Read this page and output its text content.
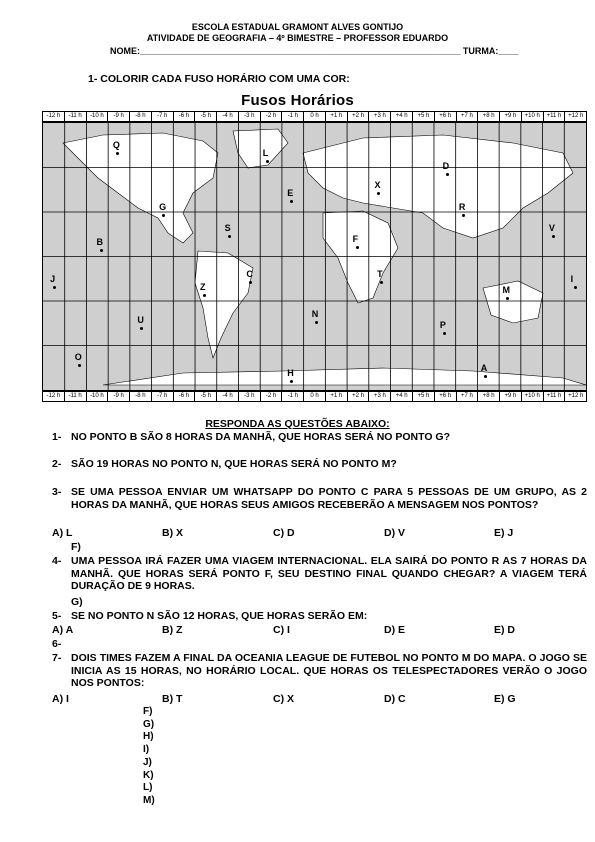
ESCOLA ESTADUAL GRAMONT ALVES GONTIJO
ATIVIDADE DE GEOGRAFIA – 4º BIMESTRE – PROFESSOR EDUARDO
NOME:________________________________________________________________ TURMA:____
1- COLORIR CADA FUSO HORÁRIO COM UMA COR:
Fusos Horários
-12 h	-11 h	-10 h	-9 h	-8 h	-7 h	-6 h	-5 h	-4 h	-3 h	-2 h	-1 h	0 h	+1 h	+2 h	+3 h	+4 h	+5 h	+6 h	+7 h	+8 h	+9 h	+10 h	+11 h	+12 h
-12 h	-11 h	-10 h	-9 h	-8 h	-7 h	-6 h	-5 h	-4 h	-3 h	-2 h	-1 h	0 h	+1 h	+2 h	+3 h	+4 h	+5 h	+6 h	+7 h	+8 h	+9 h	+10 h	+11 h	+12 h
Q
L
D
X
E
G	R
S	V
B	F
J
C	T
I
Z	M
U
N
P
O
A
H
RESPONDA AS QUESTÕES ABAIXO:
1- NO PONTO B SÃO 8 HORAS DA MANHÃ, QUE HORAS SERÁ NO PONTO G?
2- SÃO 19 HORAS NO PONTO N, QUE HORAS SERÁ NO PONTO M?
3- SE UMA PESSOA ENVIAR UM WHATSAPP DO PONTO C PARA 5 PESSOAS DE UM GRUPO, AS 2 HORAS DA MANHÃ, QUE HORAS SEUS AMIGOS RECEBERÃO A MENSAGEM NOS PONTOS?
A) L	B) X	C) D	D) V	E) J
F)
4- UMA PESSOA IRÁ FAZER UMA VIAGEM INTERNACIONAL. ELA SAIRÁ DO PONTO R AS 7 HORAS DA MANHÃ. QUE HORAS SERÁ PONTO F, SEU DESTINO FINAL QUANDO CHEGAR? A VIAGEM TERÁ DURAÇÃO DE 9 HORAS.
G)
5- SE NO PONTO N SÃO 12 HORAS, QUE HORAS SERÃO EM:
A) A	B) Z	C) I	D) E	E) D
6-
7- DOIS TIMES FAZEM A FINAL DA OCEANIA LEAGUE DE FUTEBOL NO PONTO M DO MAPA. O JOGO SE INICIA AS 15 HORAS, NO HORÁRIO LOCAL. QUE HORAS OS TELESPECTADORES VERÃO O JOGO NOS PONTOS:
A) I	B) T	C) X	D) C	E) G
F)
G)
H)
I)
J)
K)
L)
M)
